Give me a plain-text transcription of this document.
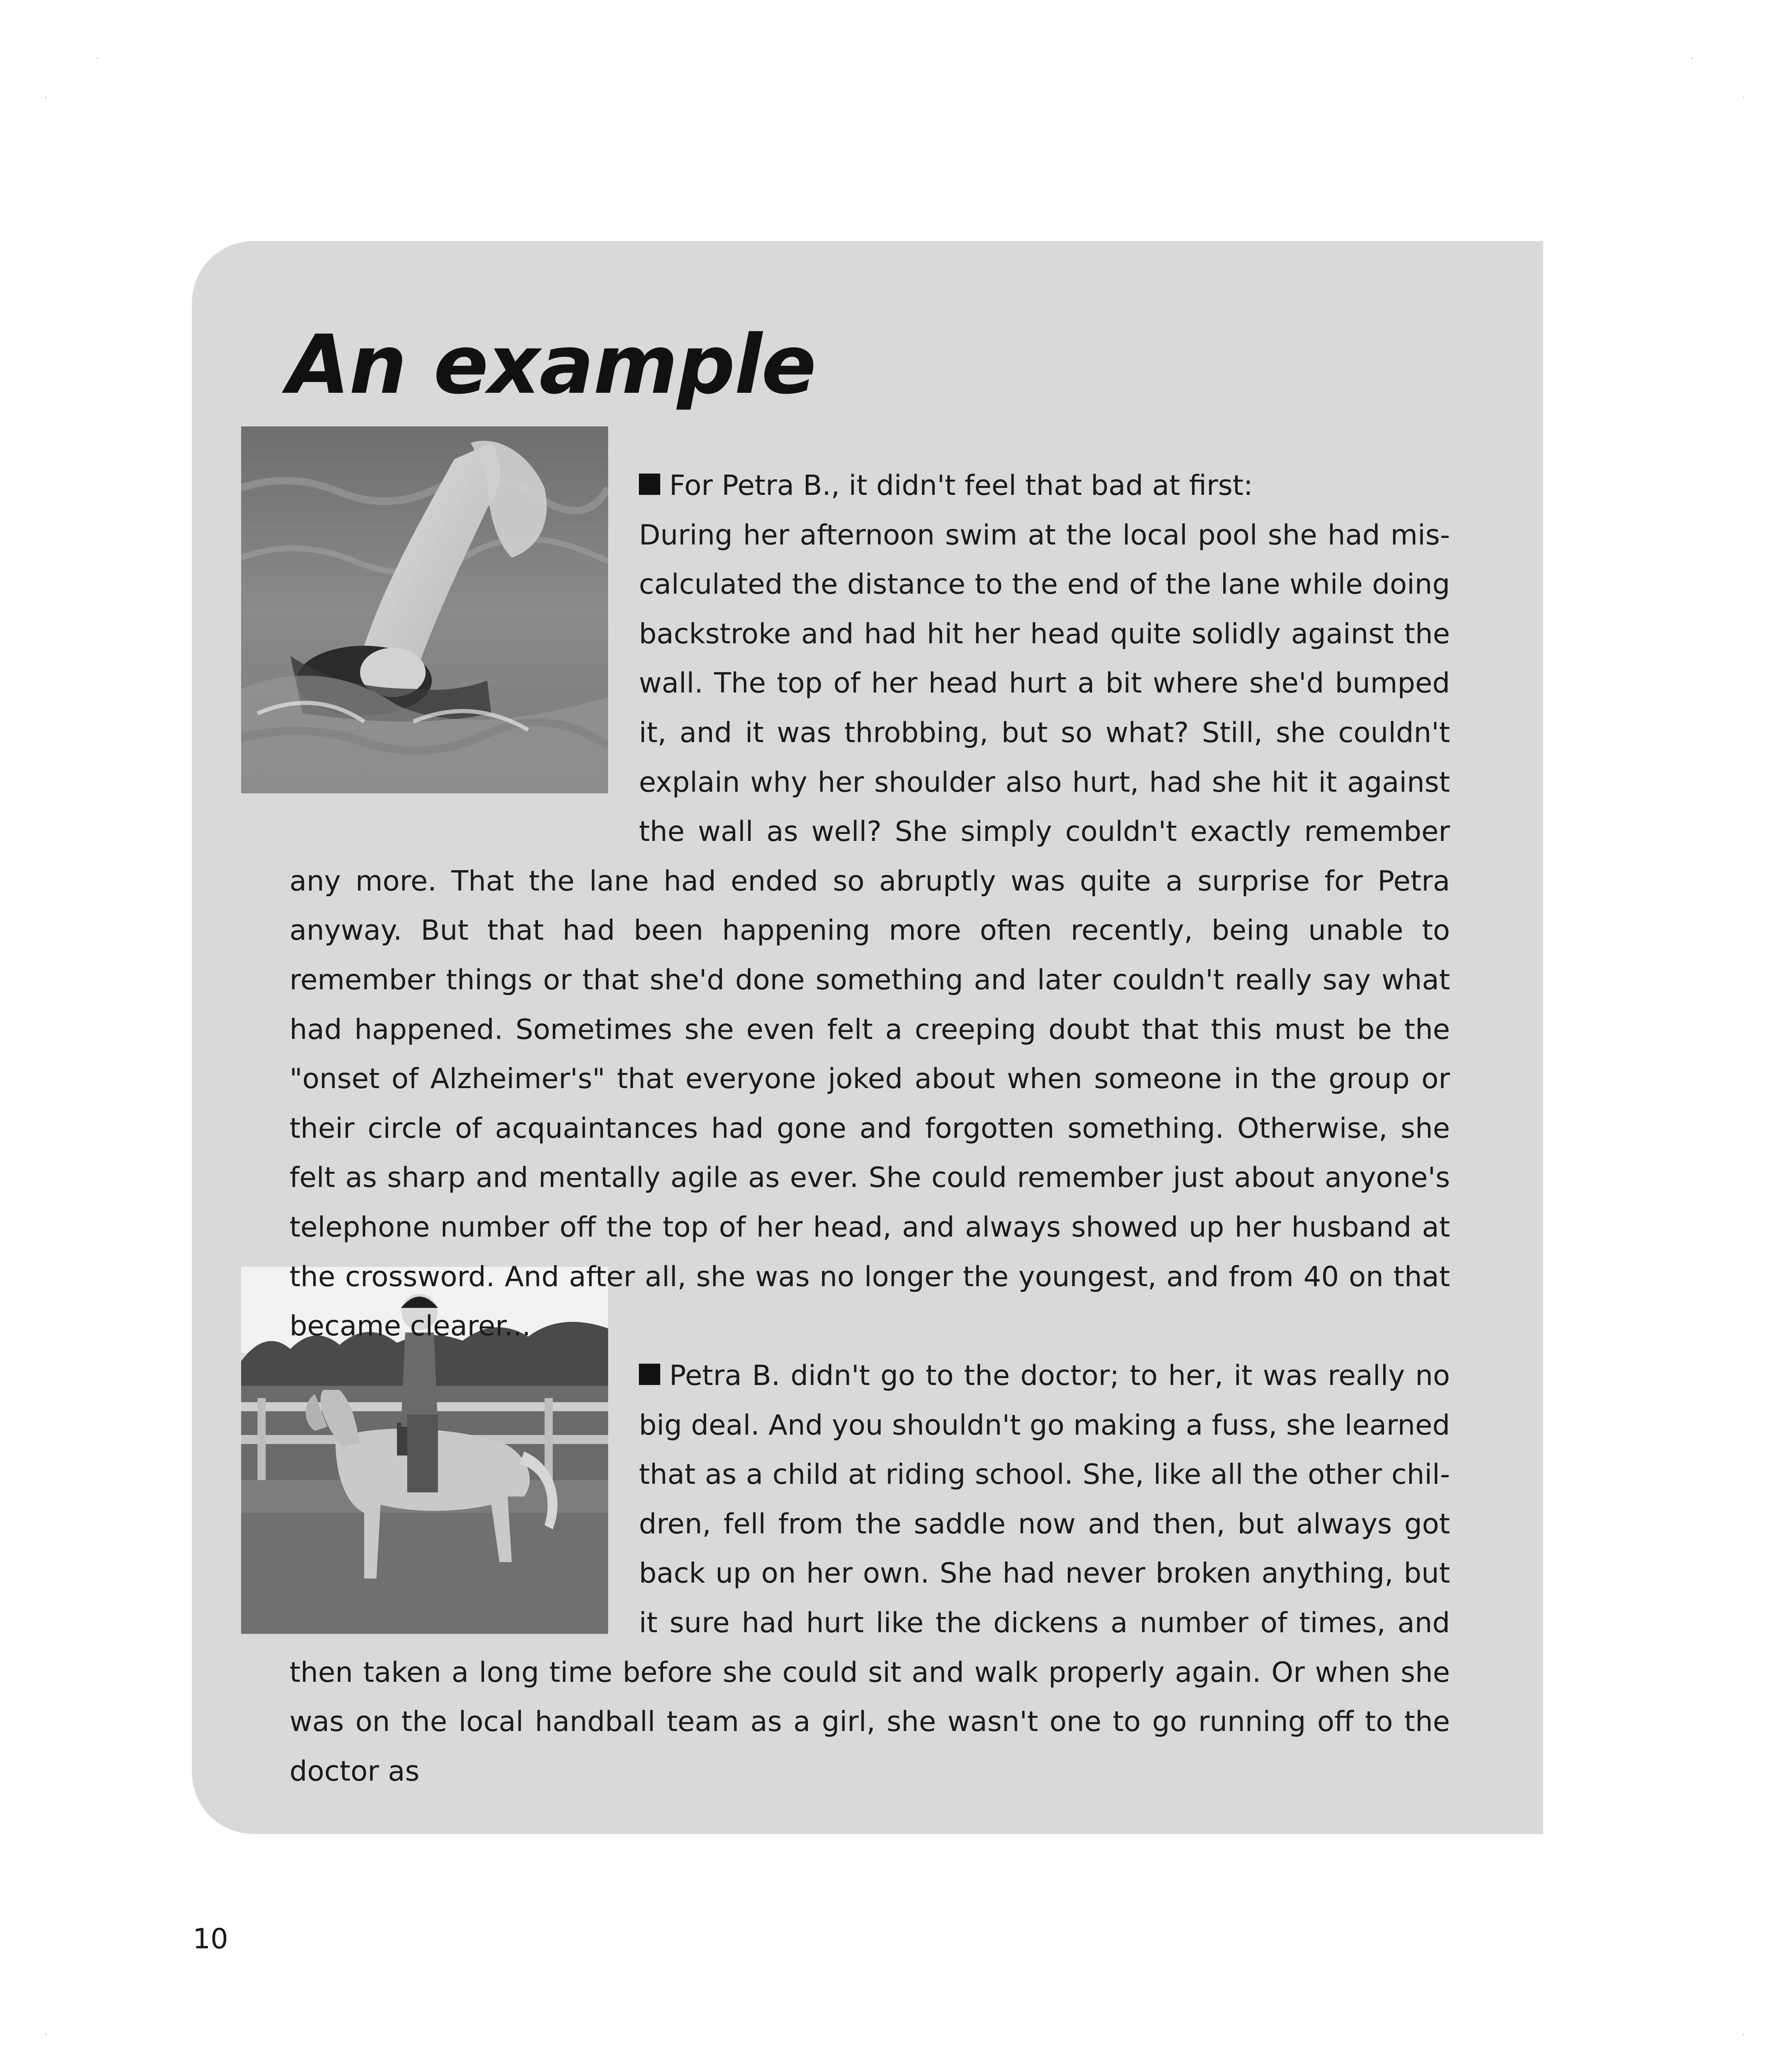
An example

For Petra B., it didn't feel that bad at first:
During her afternoon swim at the local pool she had miscalculated the distance to the end of the lane while doing backstroke and had hit her head quite solidly against the wall. The top of her head hurt a bit where she'd bumped it, and it was throbbing, but so what? Still, she couldn't explain why her shoulder also hurt, had she hit it against the wall as well? She simply couldn't exactly remember any more. That the lane had ended so abruptly was quite a surprise for Petra anyway. But that had been happening more often recently, being unable to remember things or that she'd done something and later couldn't really say what had happened. Sometimes she even felt a creeping doubt that this must be the "onset of Alzheimer's" that everyone joked about when someone in the group or their circle of acquaintances had gone and forgotten something. Otherwise, she felt as sharp and mentally agile as ever. She could remember just about anyone's telephone number off the top of her head, and always showed up her husband at the crossword. And after all, she was no longer the youngest, and from 40 on that became clearer...

Petra B. didn't go to the doctor; to her, it was really no big deal. And you shouldn't go making a fuss, she learned that as a child at riding school. She, like all the other children, fell from the saddle now and then, but always got back up on her own. She had never broken anything, but it sure had hurt like the dickens a number of times, and then taken a long time before she could sit and walk properly again. Or when she was on the local handball team as a girl, she wasn't one to go running off to the doctor as

10
